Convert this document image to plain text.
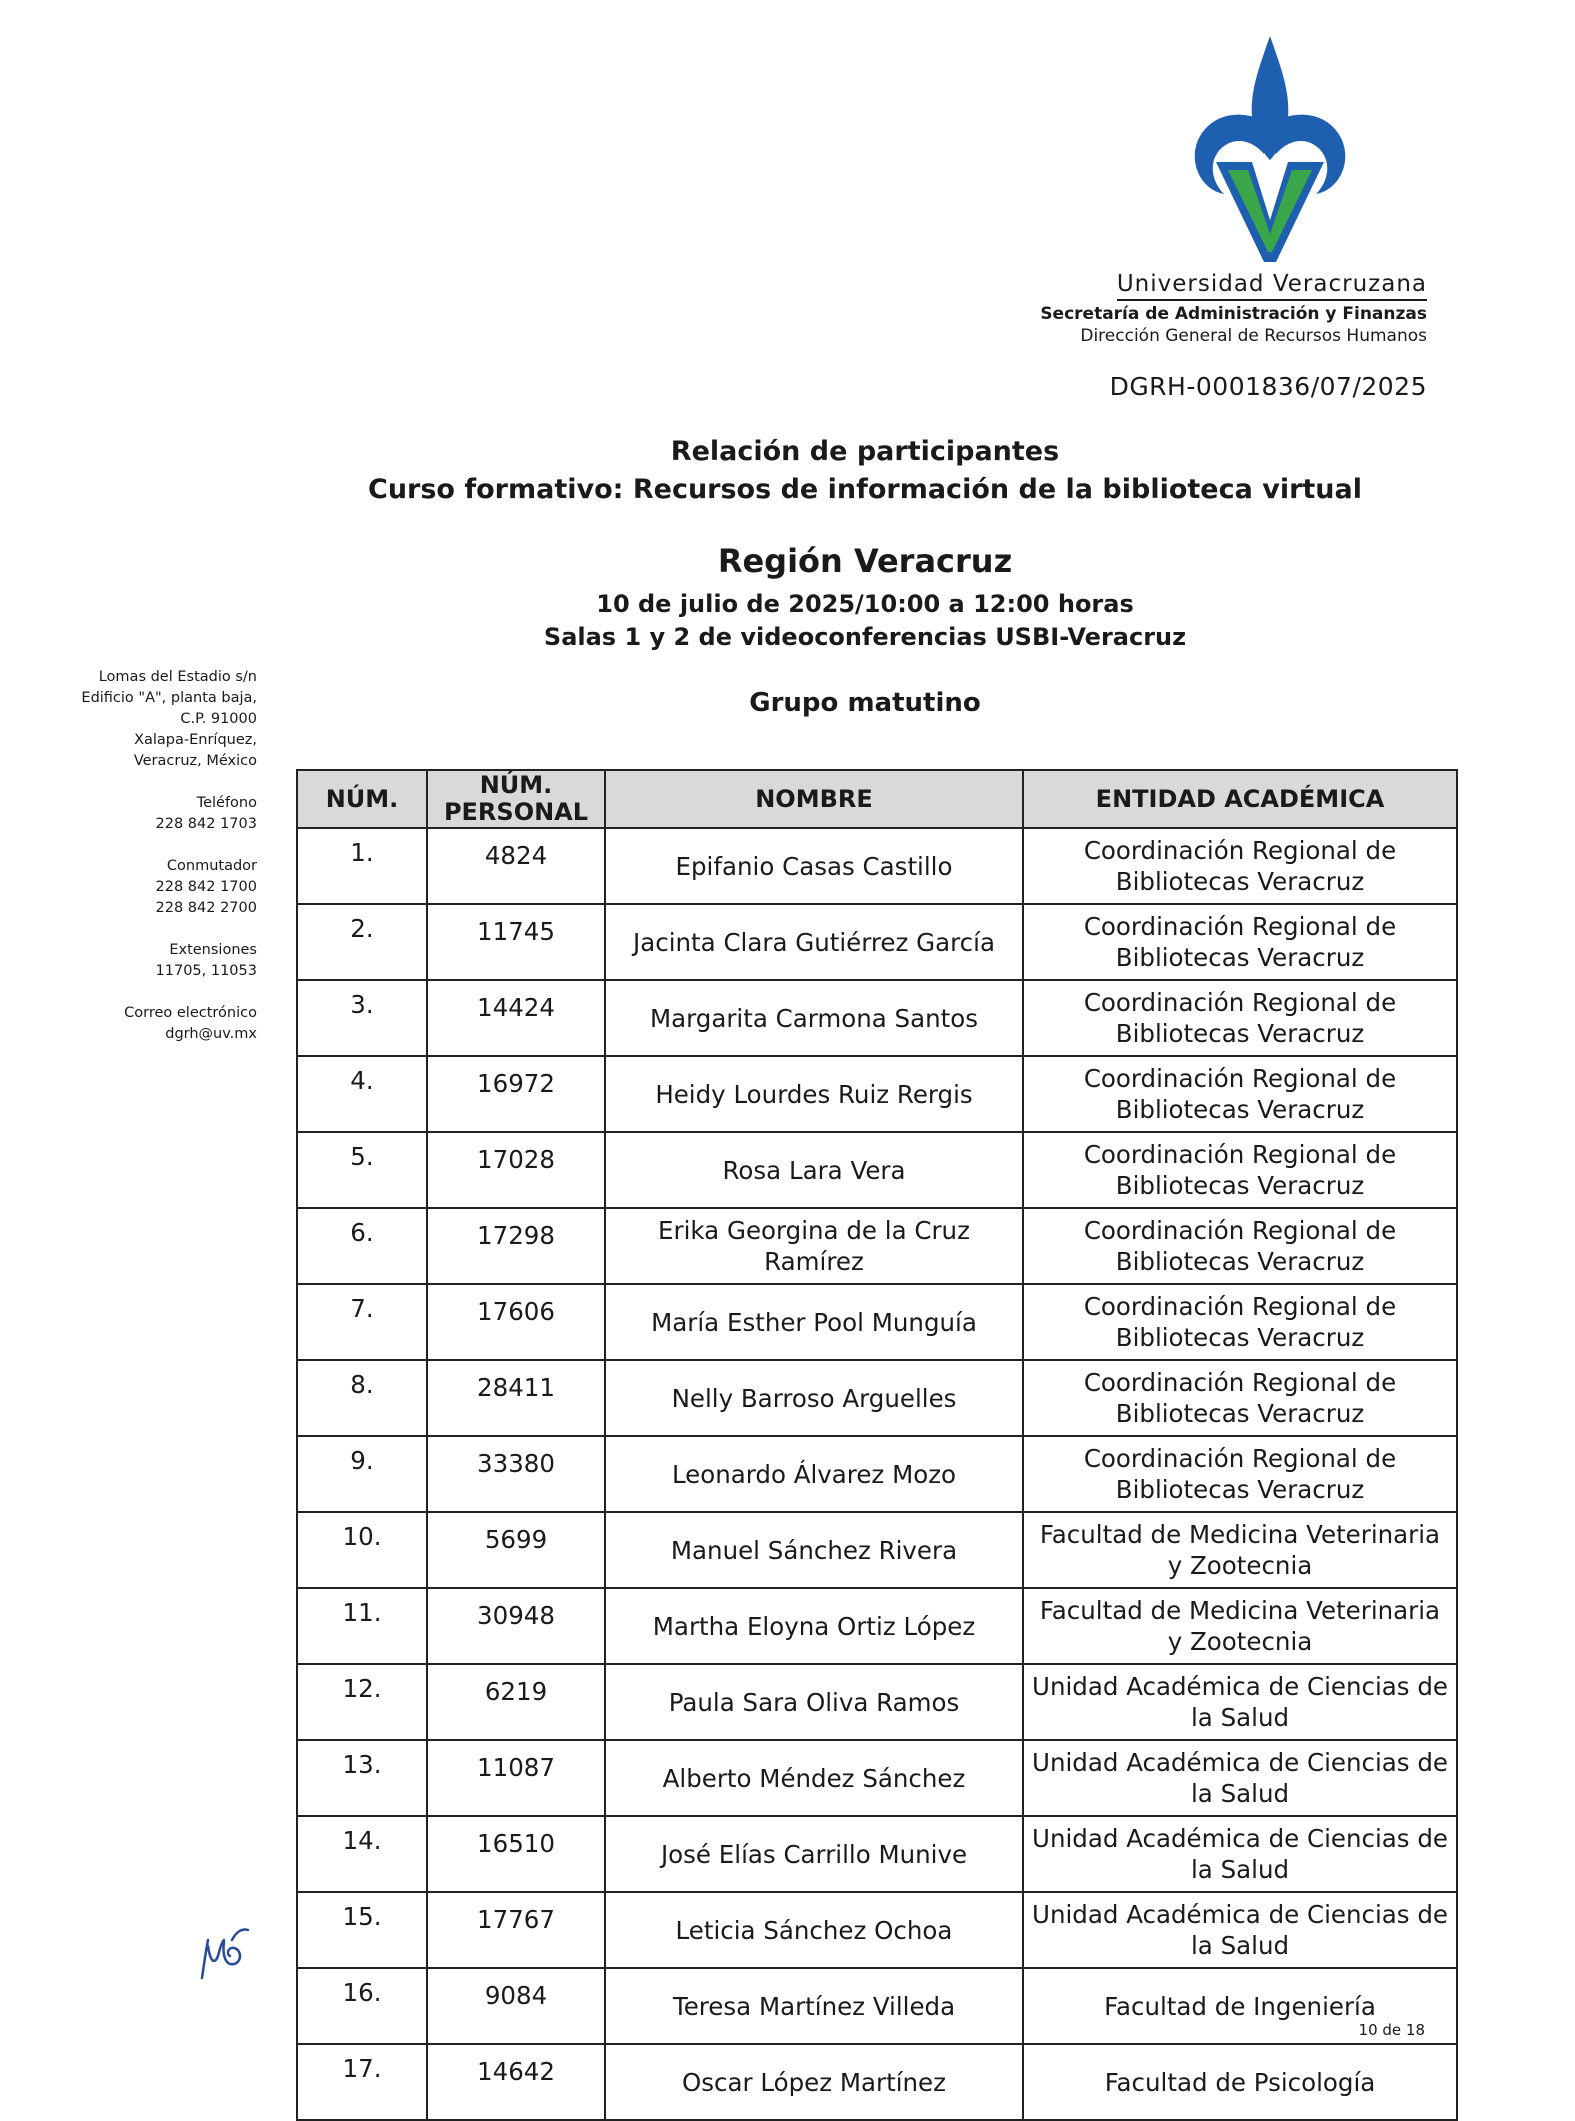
Universidad Veracruzana
Secretaría de Administración y Finanzas
Dirección General de Recursos Humanos
DGRH-0001836/07/2025
Relación de participantes
Curso formativo: Recursos de información de la biblioteca virtual
Región Veracruz
10 de julio de 2025/10:00 a 12:00 horas
Salas 1 y 2 de videoconferencias USBI-Veracruz
Grupo matutino
Lomas del Estadio s/n
Edificio "A", planta baja,
C.P. 91000
Xalapa-Enríquez,
Veracruz, México
Teléfono
228 842 1703
Conmutador
228 842 1700
228 842 2700
Extensiones
11705, 11053
Correo electrónico
dgrh@uv.mx
NÚM.	NÚM. PERSONAL	NOMBRE	ENTIDAD ACADÉMICA
1.	4824	Epifanio Casas Castillo	Coordinación Regional de Bibliotecas Veracruz
2.	11745	Jacinta Clara Gutiérrez García	Coordinación Regional de Bibliotecas Veracruz
3.	14424	Margarita Carmona Santos	Coordinación Regional de Bibliotecas Veracruz
4.	16972	Heidy Lourdes Ruiz Rergis	Coordinación Regional de Bibliotecas Veracruz
5.	17028	Rosa Lara Vera	Coordinación Regional de Bibliotecas Veracruz
6.	17298	Erika Georgina de la Cruz Ramírez	Coordinación Regional de Bibliotecas Veracruz
7.	17606	María Esther Pool Munguía	Coordinación Regional de Bibliotecas Veracruz
8.	28411	Nelly Barroso Arguelles	Coordinación Regional de Bibliotecas Veracruz
9.	33380	Leonardo Álvarez Mozo	Coordinación Regional de Bibliotecas Veracruz
10.	5699	Manuel Sánchez Rivera	Facultad de Medicina Veterinaria y Zootecnia
11.	30948	Martha Eloyna Ortiz López	Facultad de Medicina Veterinaria y Zootecnia
12.	6219	Paula Sara Oliva Ramos	Unidad Académica de Ciencias de la Salud
13.	11087	Alberto Méndez Sánchez	Unidad Académica de Ciencias de la Salud
14.	16510	José Elías Carrillo Munive	Unidad Académica de Ciencias de la Salud
15.	17767	Leticia Sánchez Ochoa	Unidad Académica de Ciencias de la Salud
16.	9084	Teresa Martínez Villeda	Facultad de Ingeniería
17.	14642	Oscar López Martínez	Facultad de Psicología
10 de 18
